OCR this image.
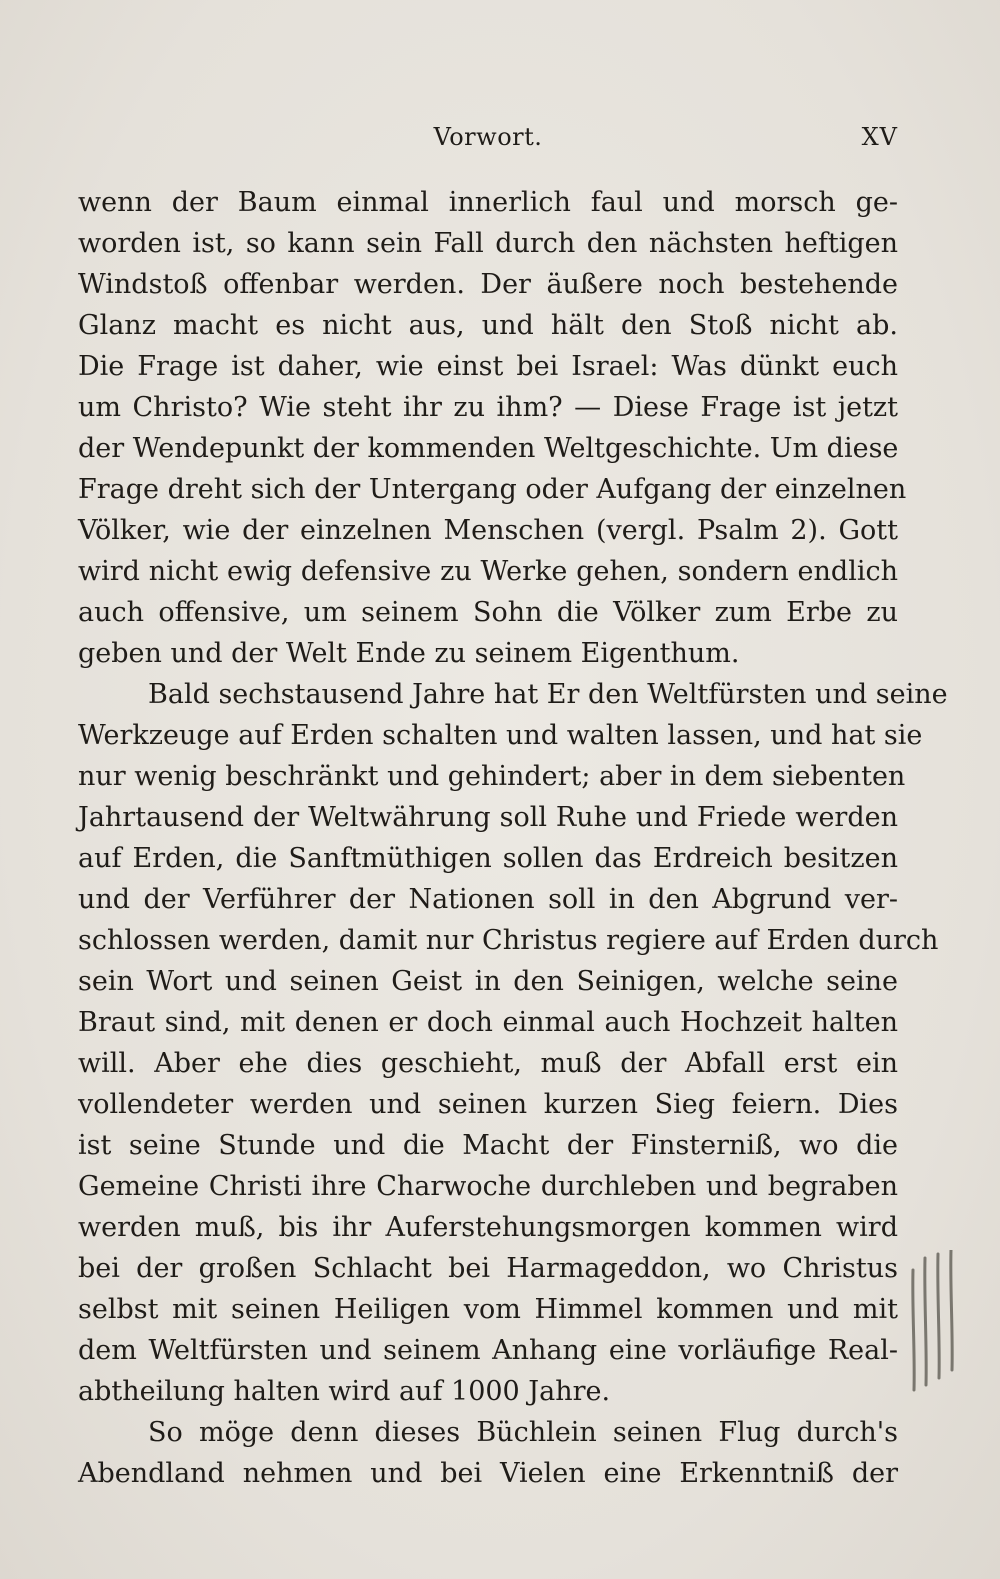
Vorwort.	XV
wenn der Baum einmal innerlich faul und morsch ge-
worden ist, so kann sein Fall durch den nächsten heftigen
Windstoß offenbar werden. Der äußere noch bestehende
Glanz macht es nicht aus, und hält den Stoß nicht ab.
Die Frage ist daher, wie einst bei Israel: Was dünkt euch
um Christo? Wie steht ihr zu ihm? — Diese Frage ist jetzt
der Wendepunkt der kommenden Weltgeschichte. Um diese
Frage dreht sich der Untergang oder Aufgang der einzelnen
Völker, wie der einzelnen Menschen (vergl. Psalm 2). Gott
wird nicht ewig defensive zu Werke gehen, sondern endlich
auch offensive, um seinem Sohn die Völker zum Erbe zu
geben und der Welt Ende zu seinem Eigenthum.
Bald sechstausend Jahre hat Er den Weltfürsten und seine
Werkzeuge auf Erden schalten und walten lassen, und hat sie
nur wenig beschränkt und gehindert; aber in dem siebenten
Jahrtausend der Weltwährung soll Ruhe und Friede werden
auf Erden, die Sanftmüthigen sollen das Erdreich besitzen
und der Verführer der Nationen soll in den Abgrund ver-
schlossen werden, damit nur Christus regiere auf Erden durch
sein Wort und seinen Geist in den Seinigen, welche seine
Braut sind, mit denen er doch einmal auch Hochzeit halten
will. Aber ehe dies geschieht, muß der Abfall erst ein
vollendeter werden und seinen kurzen Sieg feiern. Dies
ist seine Stunde und die Macht der Finsterniß, wo die
Gemeine Christi ihre Charwoche durchleben und begraben
werden muß, bis ihr Auferstehungsmorgen kommen wird
bei der großen Schlacht bei Harmageddon, wo Christus
selbst mit seinen Heiligen vom Himmel kommen und mit
dem Weltfürsten und seinem Anhang eine vorläufige Real-
abtheilung halten wird auf 1000 Jahre.
So möge denn dieses Büchlein seinen Flug durch's
Abendland nehmen und bei Vielen eine Erkenntniß der
